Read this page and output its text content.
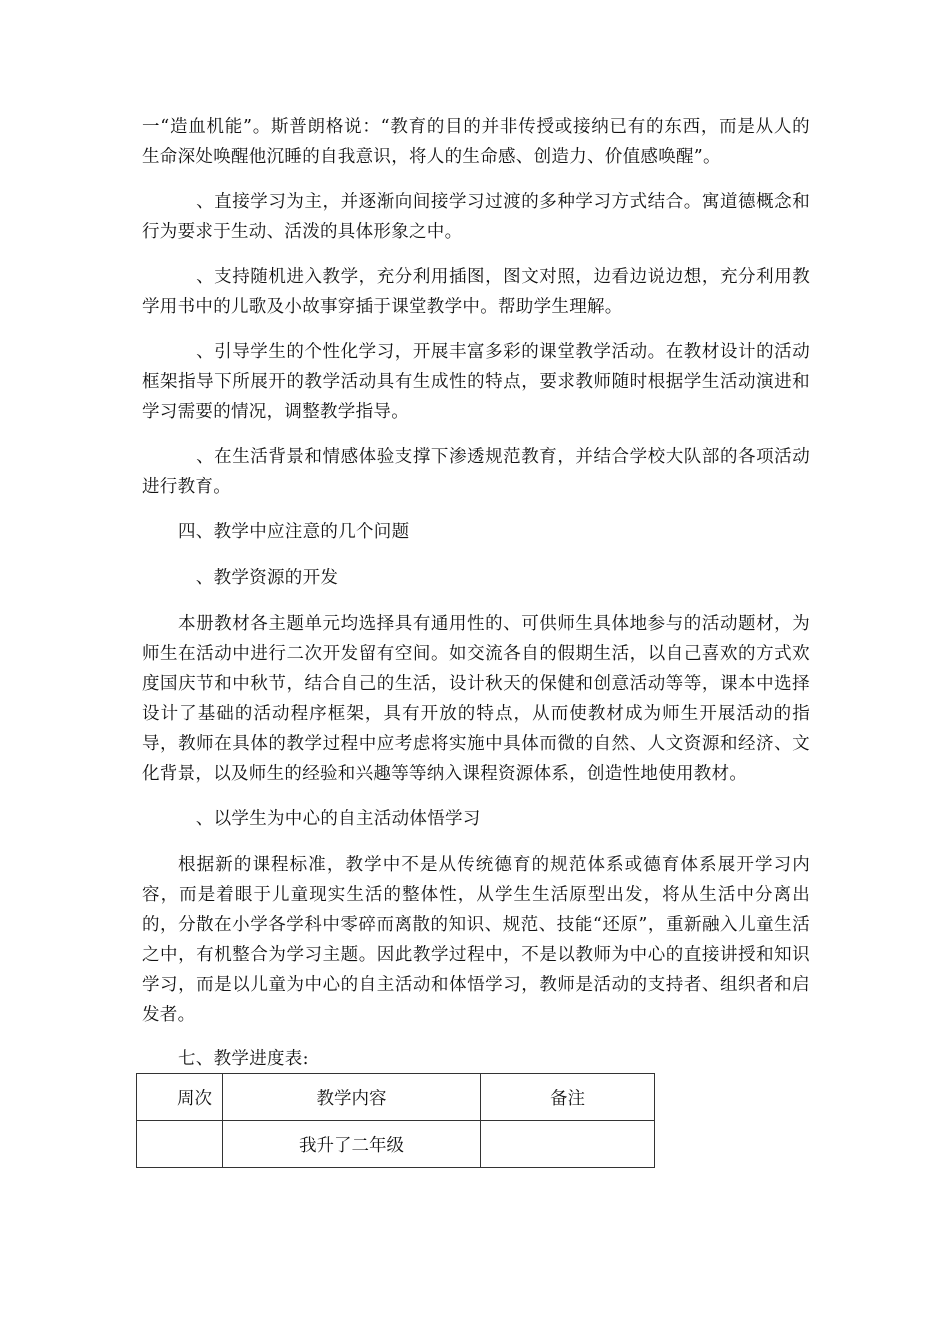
一“造血机能”。斯普朗格说：“教育的目的并非传授或接纳已有的东西，而是从人的生命深处唤醒他沉睡的自我意识，将人的生命感、创造力、价值感唤醒”。

　、直接学习为主，并逐渐向间接学习过渡的多种学习方式结合。寓道德概念和行为要求于生动、活泼的具体形象之中。

　、支持随机进入教学，充分利用插图，图文对照，边看边说边想，充分利用教学用书中的儿歌及小故事穿插于课堂教学中。帮助学生理解。

　、引导学生的个性化学习，开展丰富多彩的课堂教学活动。在教材设计的活动框架指导下所展开的教学活动具有生成性的特点，要求教师随时根据学生活动演进和学习需要的情况，调整教学指导。

　、在生活背景和情感体验支撑下渗透规范教育，并结合学校大队部的各项活动进行教育。

四、教学中应注意的几个问题

　、教学资源的开发

本册教材各主题单元均选择具有通用性的、可供师生具体地参与的活动题材，为师生在活动中进行二次开发留有空间。如交流各自的假期生活，以自己喜欢的方式欢度国庆节和中秋节，结合自己的生活，设计秋天的保健和创意活动等等，课本中选择设计了基础的活动程序框架，具有开放的特点，从而使教材成为师生开展活动的指导，教师在具体的教学过程中应考虑将实施中具体而微的自然、人文资源和经济、文化背景，以及师生的经验和兴趣等等纳入课程资源体系，创造性地使用教材。

　、以学生为中心的自主活动体悟学习

根据新的课程标准，教学中不是从传统德育的规范体系或德育体系展开学习内容，而是着眼于儿童现实生活的整体性，从学生生活原型出发，将从生活中分离出的，分散在小学各学科中零碎而离散的知识、规范、技能“还原”，重新融入儿童生活之中，有机整合为学习主题。因此教学过程中，不是以教师为中心的直接讲授和知识学习，而是以儿童为中心的自主活动和体悟学习，教师是活动的支持者、组织者和启发者。

七、教学进度表:

周次	教学内容	备注
	我升了二年级	
